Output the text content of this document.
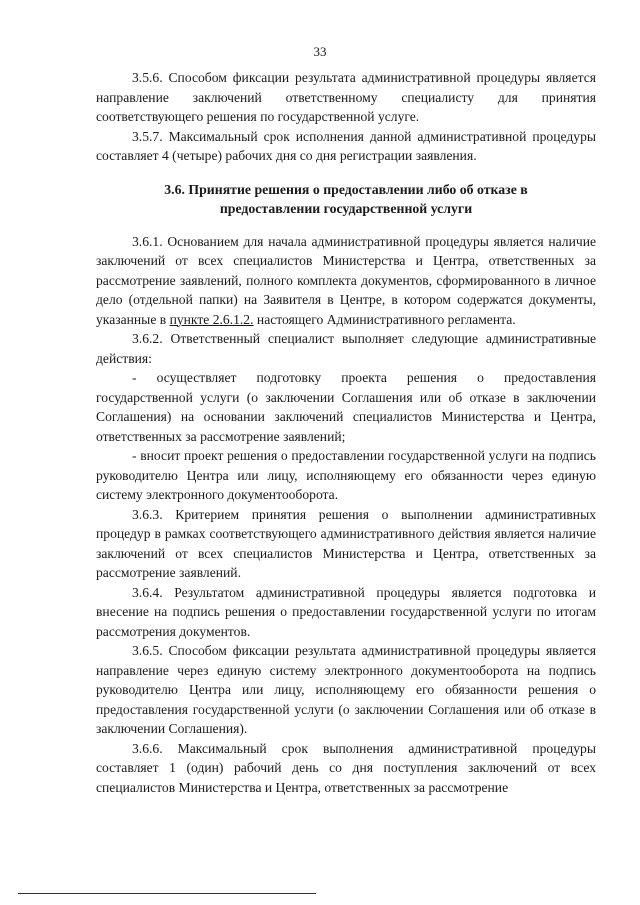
33

3.5.6. Способом фиксации результата административной процедуры является направление заключений ответственному специалисту для принятия соответствующего решения по государственной услуге.

3.5.7. Максимальный срок исполнения данной административной процедуры составляет 4 (четыре) рабочих дня со дня регистрации заявления.

3.6. Принятие решения о предоставлении либо об отказе в
предоставлении государственной услуги

3.6.1. Основанием для начала административной процедуры является наличие заключений от всех специалистов Министерства и Центра, ответственных за рассмотрение заявлений, полного комплекта документов, сформированного в личное дело (отдельной папки) на Заявителя в Центре, в котором содержатся документы, указанные в пункте 2.6.1.2. настоящего Административного регламента.

3.6.2. Ответственный специалист выполняет следующие административные действия:

- осуществляет подготовку проекта решения о предоставления государственной услуги (о заключении Соглашения или об отказе в заключении Соглашения) на основании заключений специалистов Министерства и Центра, ответственных за рассмотрение заявлений;

- вносит проект решения о предоставлении государственной услуги на подпись руководителю Центра или лицу, исполняющему его обязанности через единую систему электронного документооборота.

3.6.3. Критерием принятия решения о выполнении административных процедур в рамках соответствующего административного действия является наличие заключений от всех специалистов Министерства и Центра, ответственных за рассмотрение заявлений.

3.6.4. Результатом административной процедуры является подготовка и внесение на подпись решения о предоставлении государственной услуги по итогам рассмотрения документов.

3.6.5. Способом фиксации результата административной процедуры является направление через единую систему электронного документооборота на подпись руководителю Центра или лицу, исполняющему его обязанности решения о предоставления государственной услуги (о заключении Соглашения или об отказе в заключении Соглашения).

3.6.6. Максимальный срок выполнения административной процедуры составляет 1 (один) рабочий день со дня поступления заключений от всех специалистов Министерства и Центра, ответственных за рассмотрение
